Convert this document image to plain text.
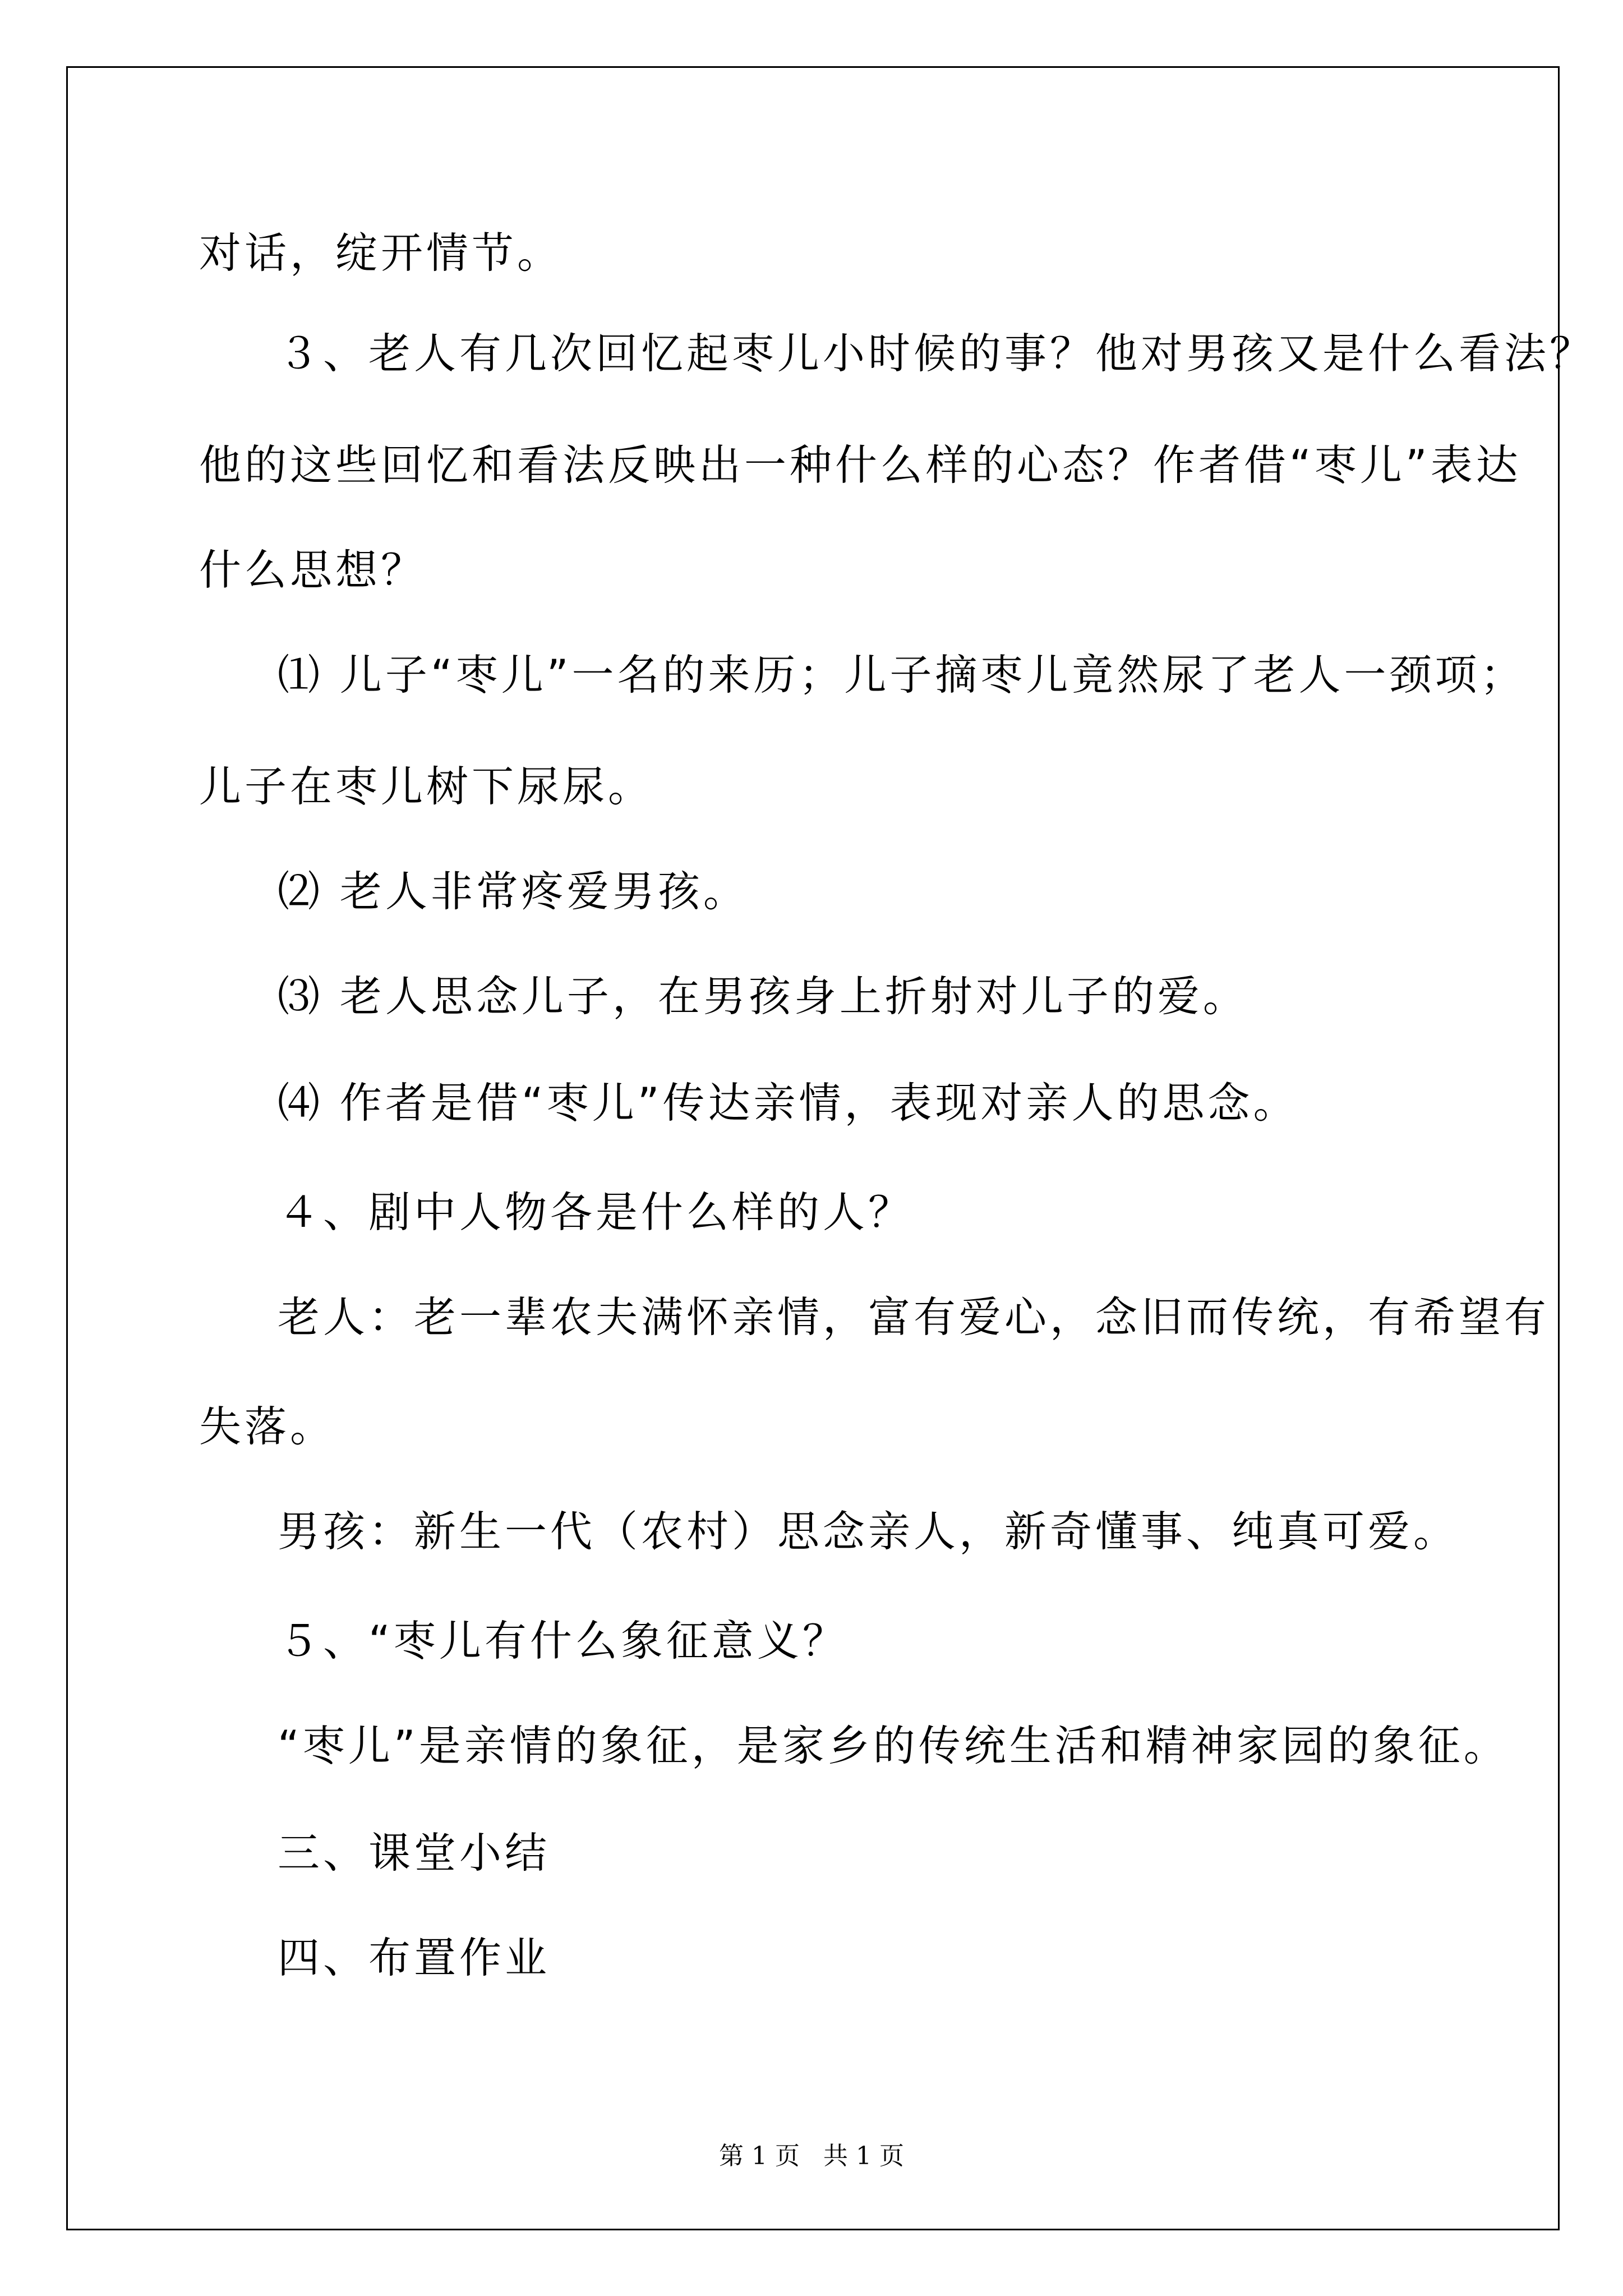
对话，绽开情节。
３、老人有几次回忆起枣儿小时候的事？他对男孩又是什么看法？
他的这些回忆和看法反映出一种什么样的心态？作者借“枣儿”表达
什么思想？
⑴ 儿子“枣儿”一名的来历；儿子摘枣儿竟然尿了老人一颈项；
儿子在枣儿树下尿尿。
⑵ 老人非常疼爱男孩。
⑶ 老人思念儿子，在男孩身上折射对儿子的爱。
⑷ 作者是借“枣儿”传达亲情，表现对亲人的思念。
４、剧中人物各是什么样的人？
老人：老一辈农夫满怀亲情，富有爱心，念旧而传统，有希望有
失落。
男孩：新生一代（农村）思念亲人，新奇懂事、纯真可爱。
５、“枣儿有什么象征意义？
“枣儿”是亲情的象征，是家乡的传统生活和精神家园的象征。
三、课堂小结
四、布置作业
第 1 页   共 1 页
